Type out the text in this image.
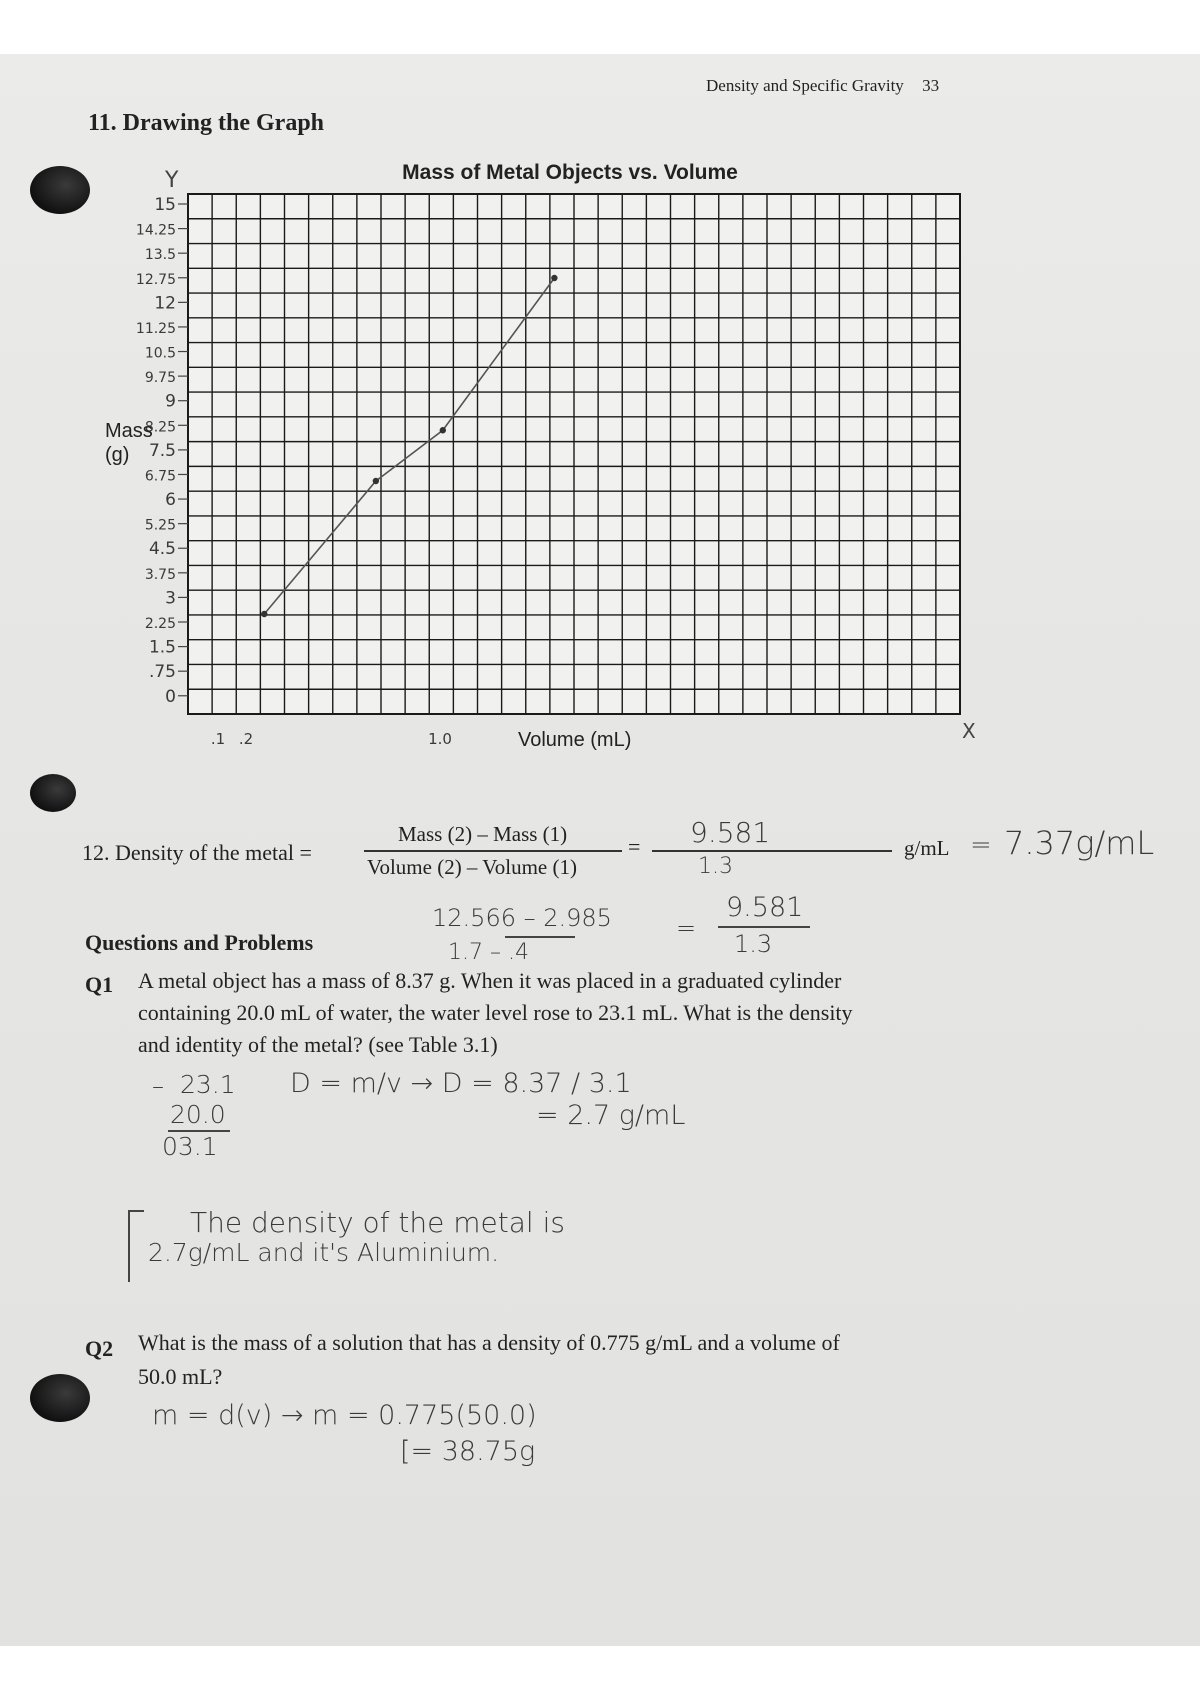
Density and Specific Gravity 33
11. Drawing the Graph
Mass of Metal Objects vs. Volume
15
14.25
13.5
12.75
12
11.25
10.5
9.75
9
8.25
7.5
6.75
6
5.25
4.5
3.75
3
2.25
1.5
.75
0
.1 .2	1.0
Y
X
Mass
(g)
Volume (mL)
12. Density of the metal =
Mass (2) – Mass (1)
Volume (2) – Volume (1)
= 9.581
1.3
g/mL = 7.37g/mL
12.566 – 2.985
1.7 – .4
=
9.581
1.3
Questions and Problems
Q1 A metal object has a mass of 8.37 g. When it was placed in a graduated cylinder
containing 20.0 mL of water, the water level rose to 23.1 mL. What is the density
and identity of the metal? (see Table 3.1)
– 23.1
20.0
03.1
D = m/v → D = 8.37 / 3.1
= 2.7 g/mL
The density of the metal is
2.7g/mL and it's Aluminium.
Q2 What is the mass of a solution that has a density of 0.775 g/mL and a volume of
50.0 mL?
m = d(v) → m = 0.775(50.0)
[= 38.75g
